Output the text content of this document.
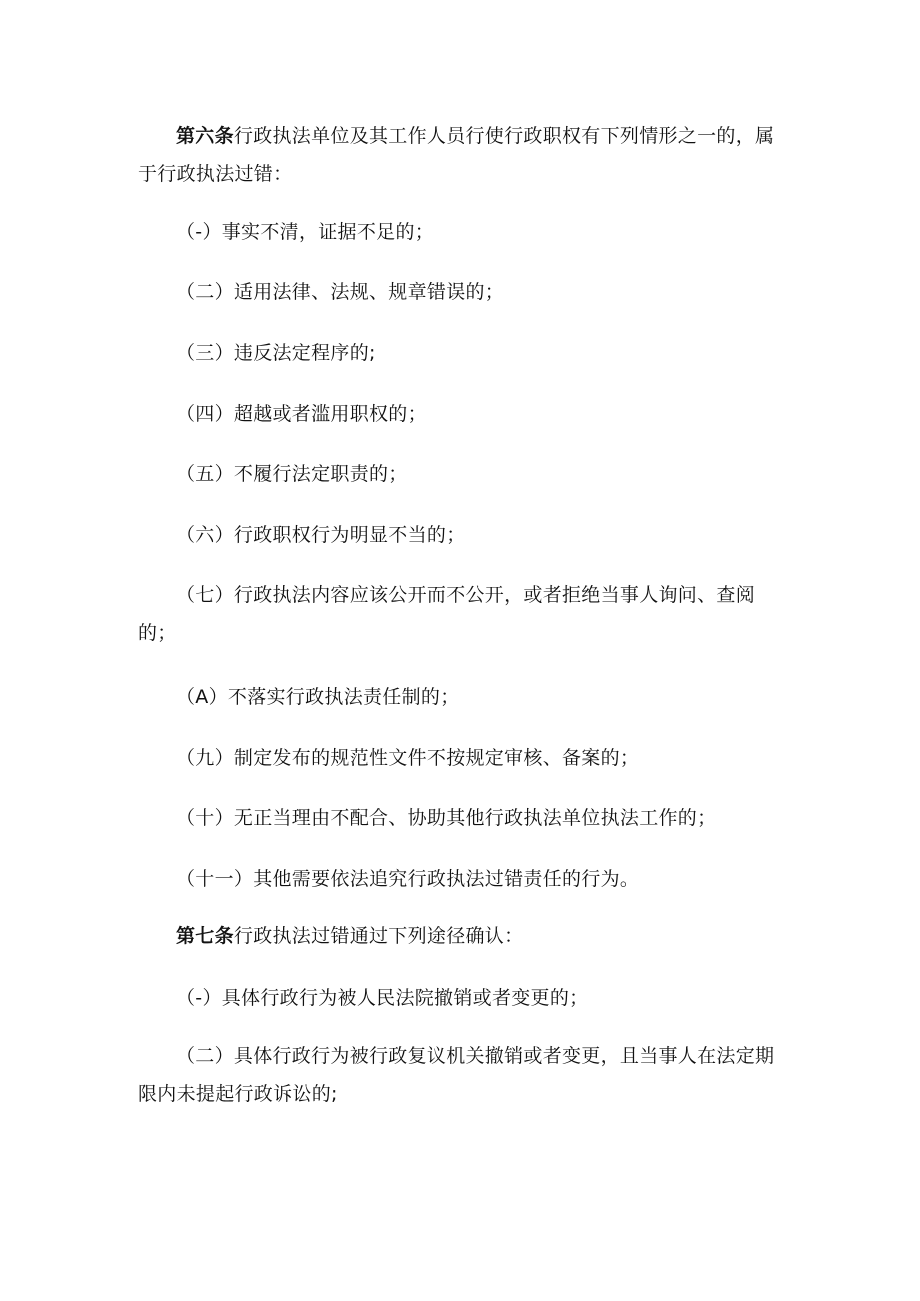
第六条行政执法单位及其工作人员行使行政职权有下列情形之一的，属于行政执法过错：

（-）事实不清，证据不足的；

（二）适用法律、法规、规章错误的；

（三）违反法定程序的;

（四）超越或者滥用职权的；

（五）不履行法定职责的；

（六）行政职权行为明显不当的；

（七）行政执法内容应该公开而不公开，或者拒绝当事人询问、查阅的；

（A）不落实行政执法责任制的；

（九）制定发布的规范性文件不按规定审核、备案的；

（十）无正当理由不配合、协助其他行政执法单位执法工作的；

（十一）其他需要依法追究行政执法过错责任的行为。

第七条行政执法过错通过下列途径确认：

（-）具体行政行为被人民法院撤销或者变更的；

（二）具体行政行为被行政复议机关撤销或者变更，且当事人在法定期限内未提起行政诉讼的;
